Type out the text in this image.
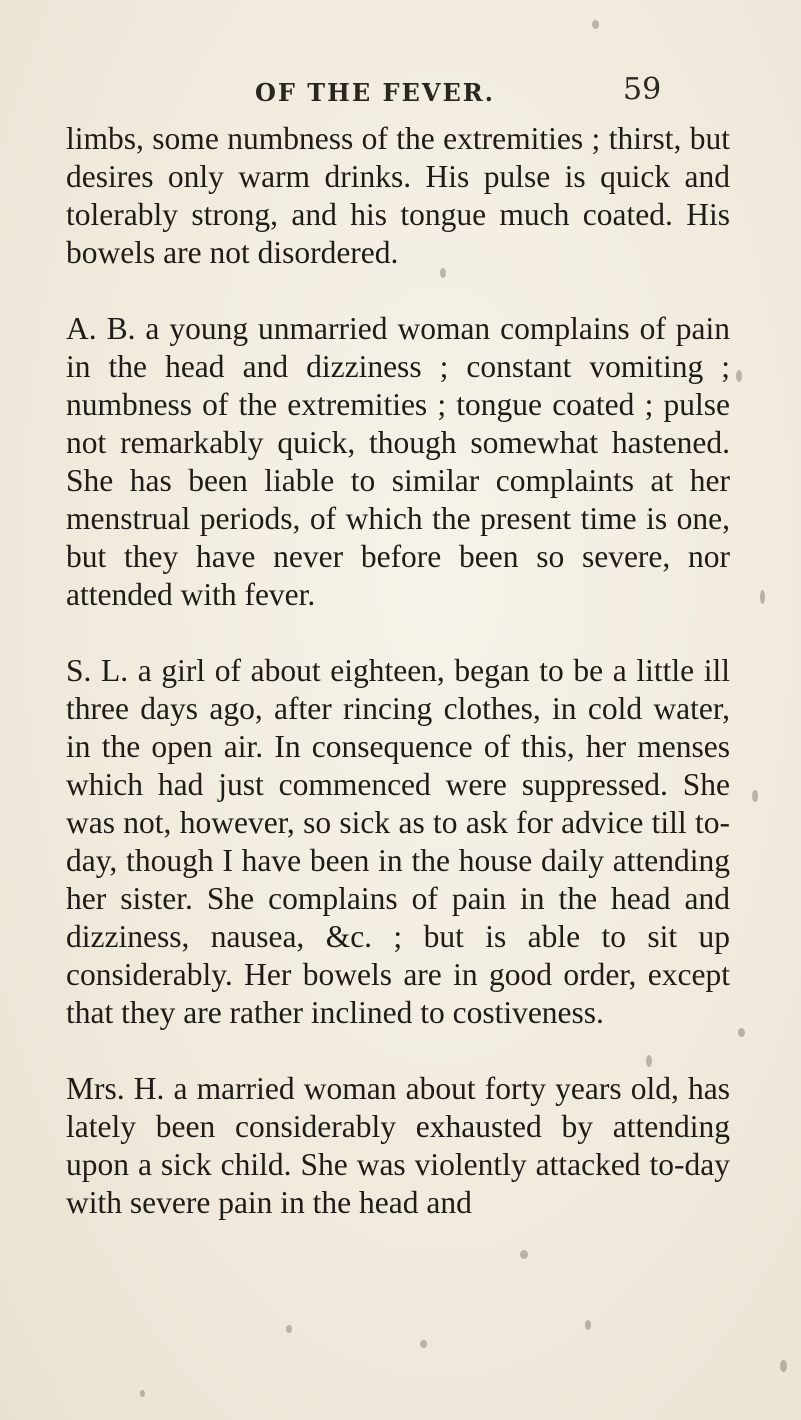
OF THE FEVER.	59

limbs, some numbness of the extremities ; thirst, but desires only warm drinks. His pulse is quick and tolerably strong, and his tongue much coated. His bowels are not disordered.

A. B. a young unmarried woman complains of pain in the head and dizziness ; constant vomiting ; numbness of the extremities ; tongue coated ; pulse not remarkably quick, though somewhat hastened. She has been liable to similar complaints at her menstrual periods, of which the present time is one, but they have never before been so severe, nor attended with fever.

S. L. a girl of about eighteen, began to be a little ill three days ago, after rincing clothes, in cold water, in the open air. In consequence of this, her menses which had just commenced were suppressed. She was not, however, so sick as to ask for advice till to-day, though I have been in the house daily attending her sister. She complains of pain in the head and dizziness, nausea, &c. ; but is able to sit up considerably. Her bowels are in good order, except that they are rather inclined to costiveness.

Mrs. H. a married woman about forty years old, has lately been considerably exhausted by attending upon a sick child. She was violently attacked to-day with severe pain in the head and
